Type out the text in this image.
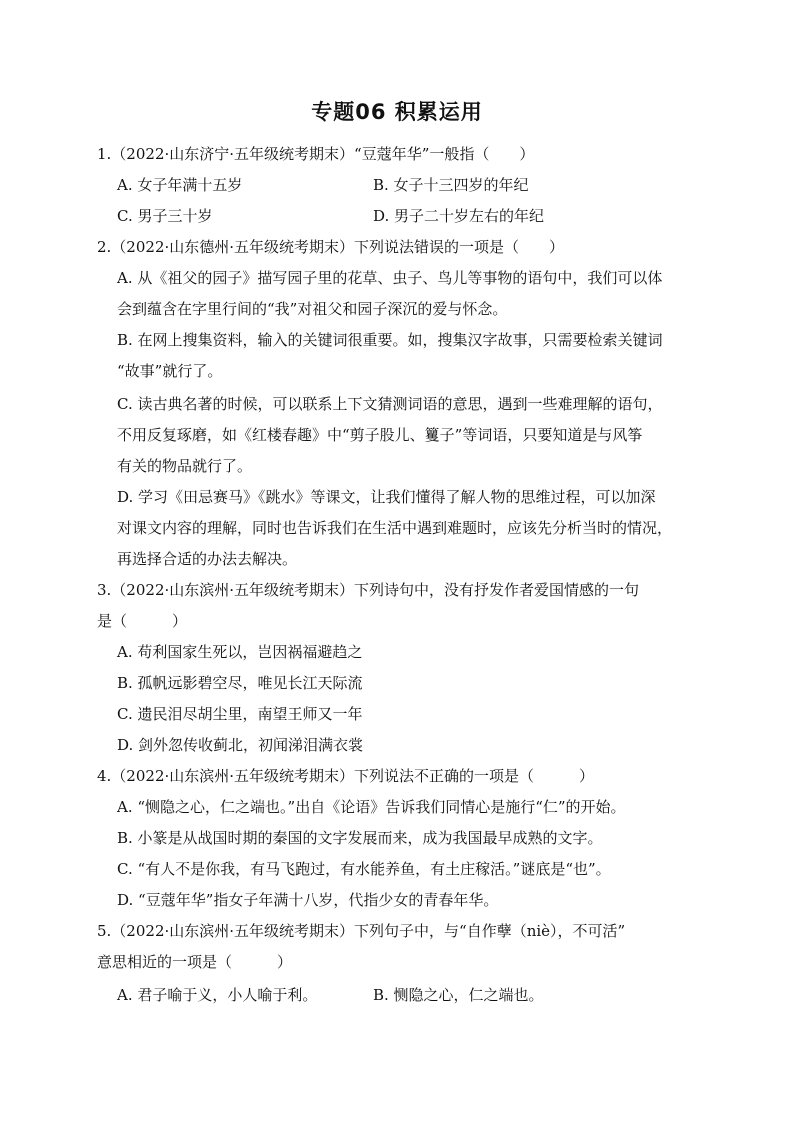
专题06 积累运用
1.（2022·山东济宁·五年级统考期末）“豆蔻年华”一般指（　　）
A. 女子年满十五岁	B. 女子十三四岁的年纪
C. 男子三十岁	D. 男子二十岁左右的年纪
2.（2022·山东德州·五年级统考期末）下列说法错误的一项是（　　）
A. 从《祖父的园子》描写园子里的花草、虫子、鸟儿等事物的语句中，我们可以体
会到蕴含在字里行间的“我”对祖父和园子深沉的爱与怀念。
B. 在网上搜集资料，输入的关键词很重要。如，搜集汉字故事，只需要检索关键词
“故事”就行了。
C. 读古典名著的时候，可以联系上下文猜测词语的意思，遇到一些难理解的语句，
不用反复琢磨，如《红楼春趣》中“剪子股儿、籰子”等词语，只要知道是与风筝
有关的物品就行了。
D. 学习《田忌赛马》《跳水》等课文，让我们懂得了解人物的思维过程，可以加深
对课文内容的理解，同时也告诉我们在生活中遇到难题时，应该先分析当时的情况，
再选择合适的办法去解决。
3.（2022·山东滨州·五年级统考期末）下列诗句中，没有抒发作者爱国情感的一句
是（　　　）
A. 苟利国家生死以，岂因祸福避趋之
B. 孤帆远影碧空尽，唯见长江天际流
C. 遗民泪尽胡尘里，南望王师又一年
D. 剑外忽传收蓟北，初闻涕泪满衣裳
4.（2022·山东滨州·五年级统考期末）下列说法不正确的一项是（　　　）
A. “恻隐之心，仁之端也。”出自《论语》告诉我们同情心是施行“仁”的开始。
B. 小篆是从战国时期的秦国的文字发展而来，成为我国最早成熟的文字。
C. “有人不是你我，有马飞跑过，有水能养鱼，有土庄稼活。”谜底是“也”。
D. “豆蔻年华”指女子年满十八岁，代指少女的青春年华。
5.（2022·山东滨州·五年级统考期末）下列句子中，与“自作孽（niè），不可活”
意思相近的一项是（　　　）
A. 君子喻于义，小人喻于利。	B. 恻隐之心，仁之端也。
